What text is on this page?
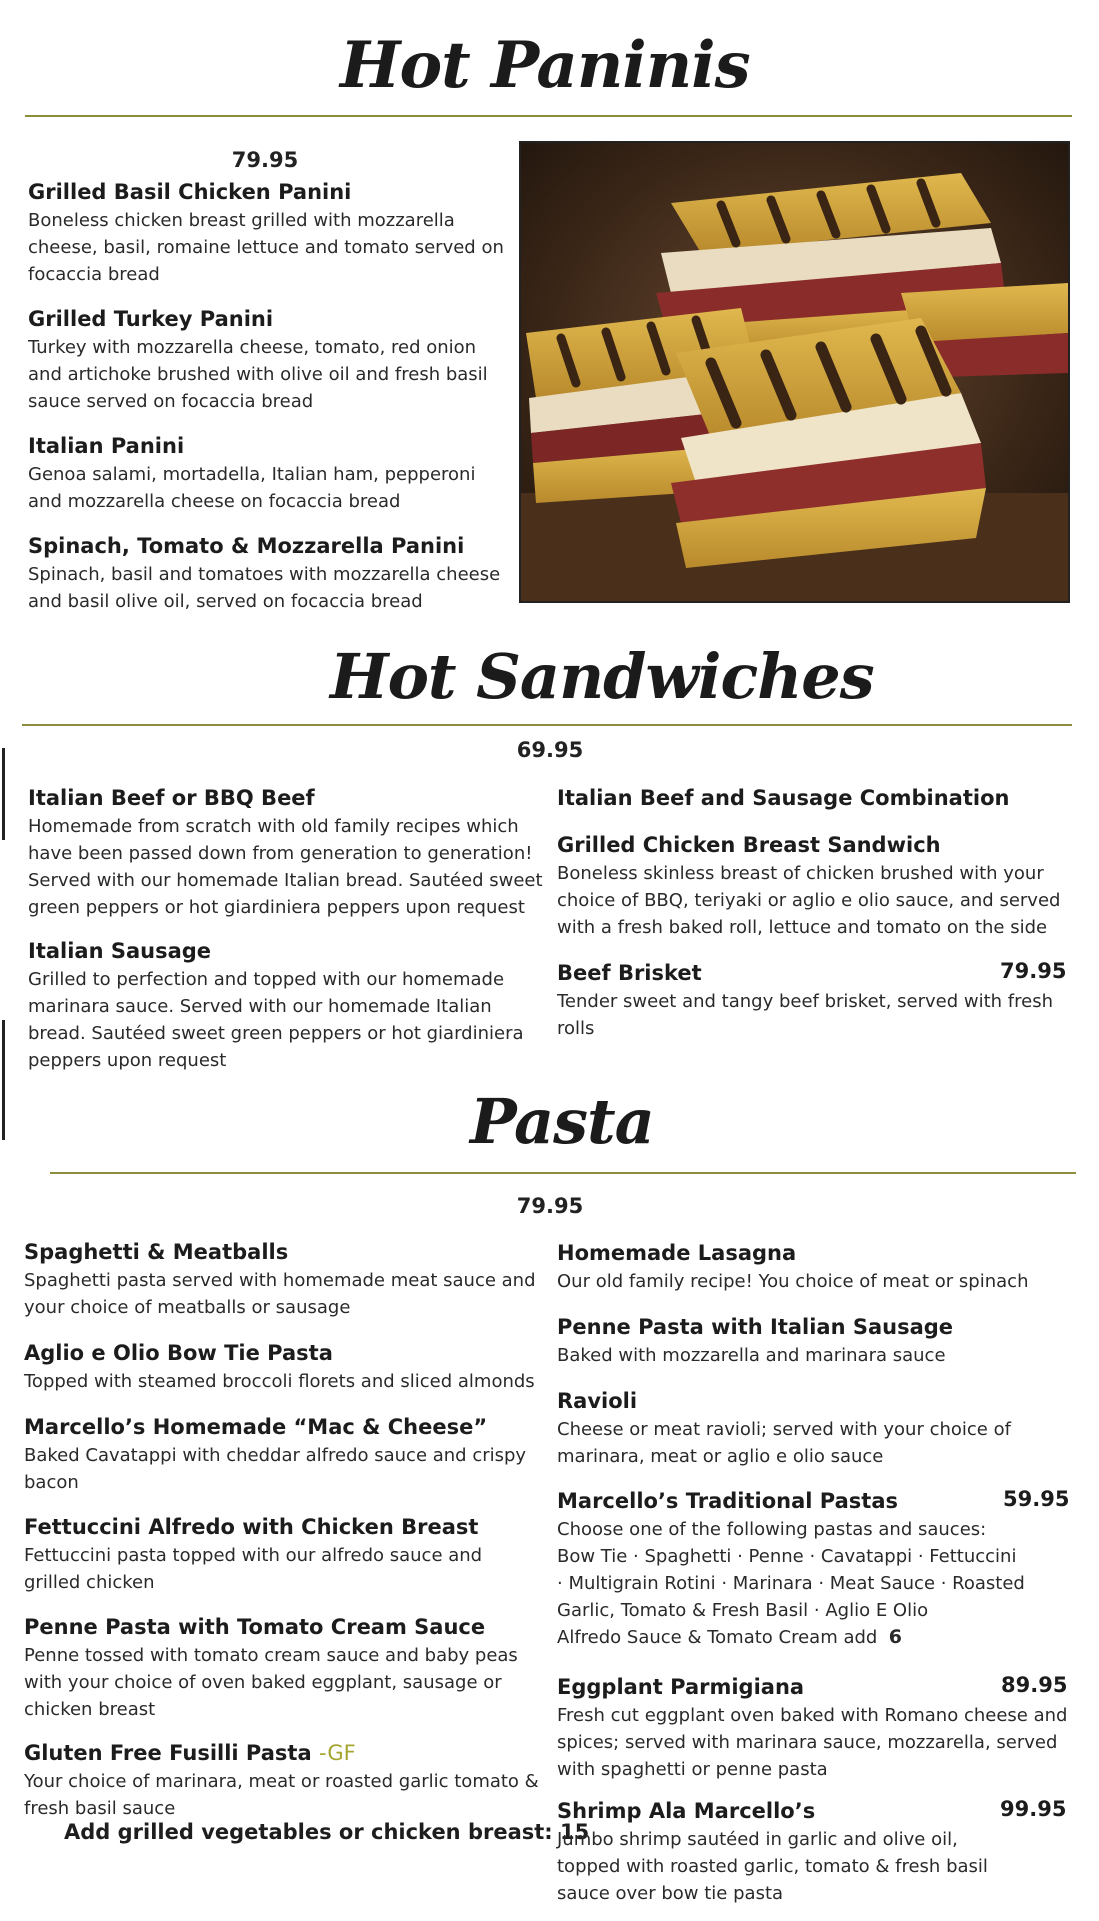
Hot Paninis
79.95
Grilled Basil Chicken Panini
Boneless chicken breast grilled with mozzarella cheese, basil, romaine lettuce and tomato served on focaccia bread
Grilled Turkey Panini
Turkey with mozzarella cheese, tomato, red onion and artichoke brushed with olive oil and fresh basil sauce served on focaccia bread
Italian Panini
Genoa salami, mortadella, Italian ham, pepperoni and mozzarella cheese on focaccia bread
Spinach, Tomato & Mozzarella Panini
Spinach, basil and tomatoes with mozzarella cheese and basil olive oil, served on focaccia bread
Hot Sandwiches
69.95
Italian Beef or BBQ Beef
Homemade from scratch with old family recipes which have been passed down from generation to generation! Served with our homemade Italian bread. Sautéed sweet green peppers or hot giardiniera peppers upon request
Italian Sausage
Grilled to perfection and topped with our homemade marinara sauce. Served with our homemade Italian bread. Sautéed sweet green peppers or hot giardiniera peppers upon request
Italian Beef and Sausage Combination
Grilled Chicken Breast Sandwich
Boneless skinless breast of chicken brushed with your choice of BBQ, teriyaki or aglio e olio sauce, and served with a fresh baked roll, lettuce and tomato on the side
Beef Brisket
Tender sweet and tangy beef brisket, served with fresh rolls
79.95
Pasta
79.95
Spaghetti & Meatballs
Spaghetti pasta served with homemade meat sauce and your choice of meatballs or sausage
Aglio e Olio Bow Tie Pasta
Topped with steamed broccoli florets and sliced almonds
Marcello’s Homemade “Mac & Cheese”
Baked Cavatappi with cheddar alfredo sauce and crispy bacon
Fettuccini Alfredo with Chicken Breast
Fettuccini pasta topped with our alfredo sauce and grilled chicken
Penne Pasta with Tomato Cream Sauce
Penne tossed with tomato cream sauce and baby peas with your choice of oven baked eggplant, sausage or chicken breast
Gluten Free Fusilli Pasta -GF
Your choice of marinara, meat or roasted garlic tomato & fresh basil sauce
Add grilled vegetables or chicken breast: 15
Homemade Lasagna
Our old family recipe! You choice of meat or spinach
Penne Pasta with Italian Sausage
Baked with mozzarella and marinara sauce
Ravioli
Cheese or meat ravioli; served with your choice of marinara, meat or aglio e olio sauce
Marcello’s Traditional Pastas
Choose one of the following pastas and sauces: Bow Tie · Spaghetti · Penne · Cavatappi · Fettuccini · Multigrain Rotini · Marinara · Meat Sauce · Roasted Garlic, Tomato & Fresh Basil · Aglio E Olio
Alfredo Sauce & Tomato Cream add 6
59.95
Eggplant Parmigiana
Fresh cut eggplant oven baked with Romano cheese and spices; served with marinara sauce, mozzarella, served with spaghetti or penne pasta
89.95
Shrimp Ala Marcello’s
Jumbo shrimp sautéed in garlic and olive oil, topped with roasted garlic, tomato & fresh basil sauce over bow tie pasta
99.95
